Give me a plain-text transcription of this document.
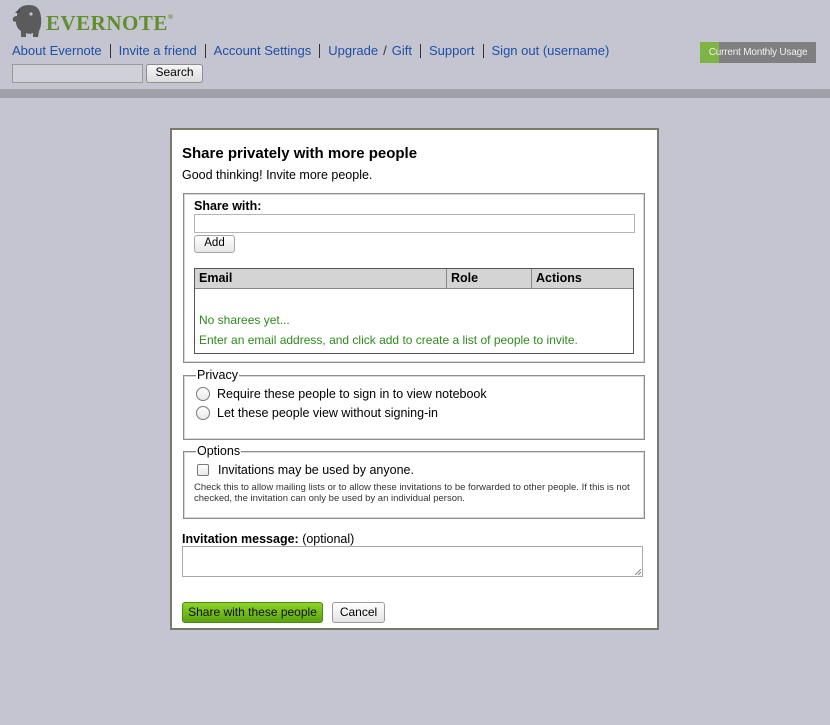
EVERNOTE®
About Evernote Invite a friend Account Settings Upgrade / Gift Support Sign out (username)
Search
Current Monthly Usage
Share privately with more people
Good thinking! Invite more people.
Share with:
Add
Email	Role	Actions
No sharees yet...
Enter an email address, and click add to create a list of people to invite.
Privacy
Require these people to sign in to view notebook
Let these people view without signing-in
Options
Invitations may be used by anyone.
Check this to allow mailing lists or to allow these invitations to be forwarded to other people. If this is not checked, the invitation can only be used by an individual person.
Invitation message: (optional)
Share with these people	Cancel
